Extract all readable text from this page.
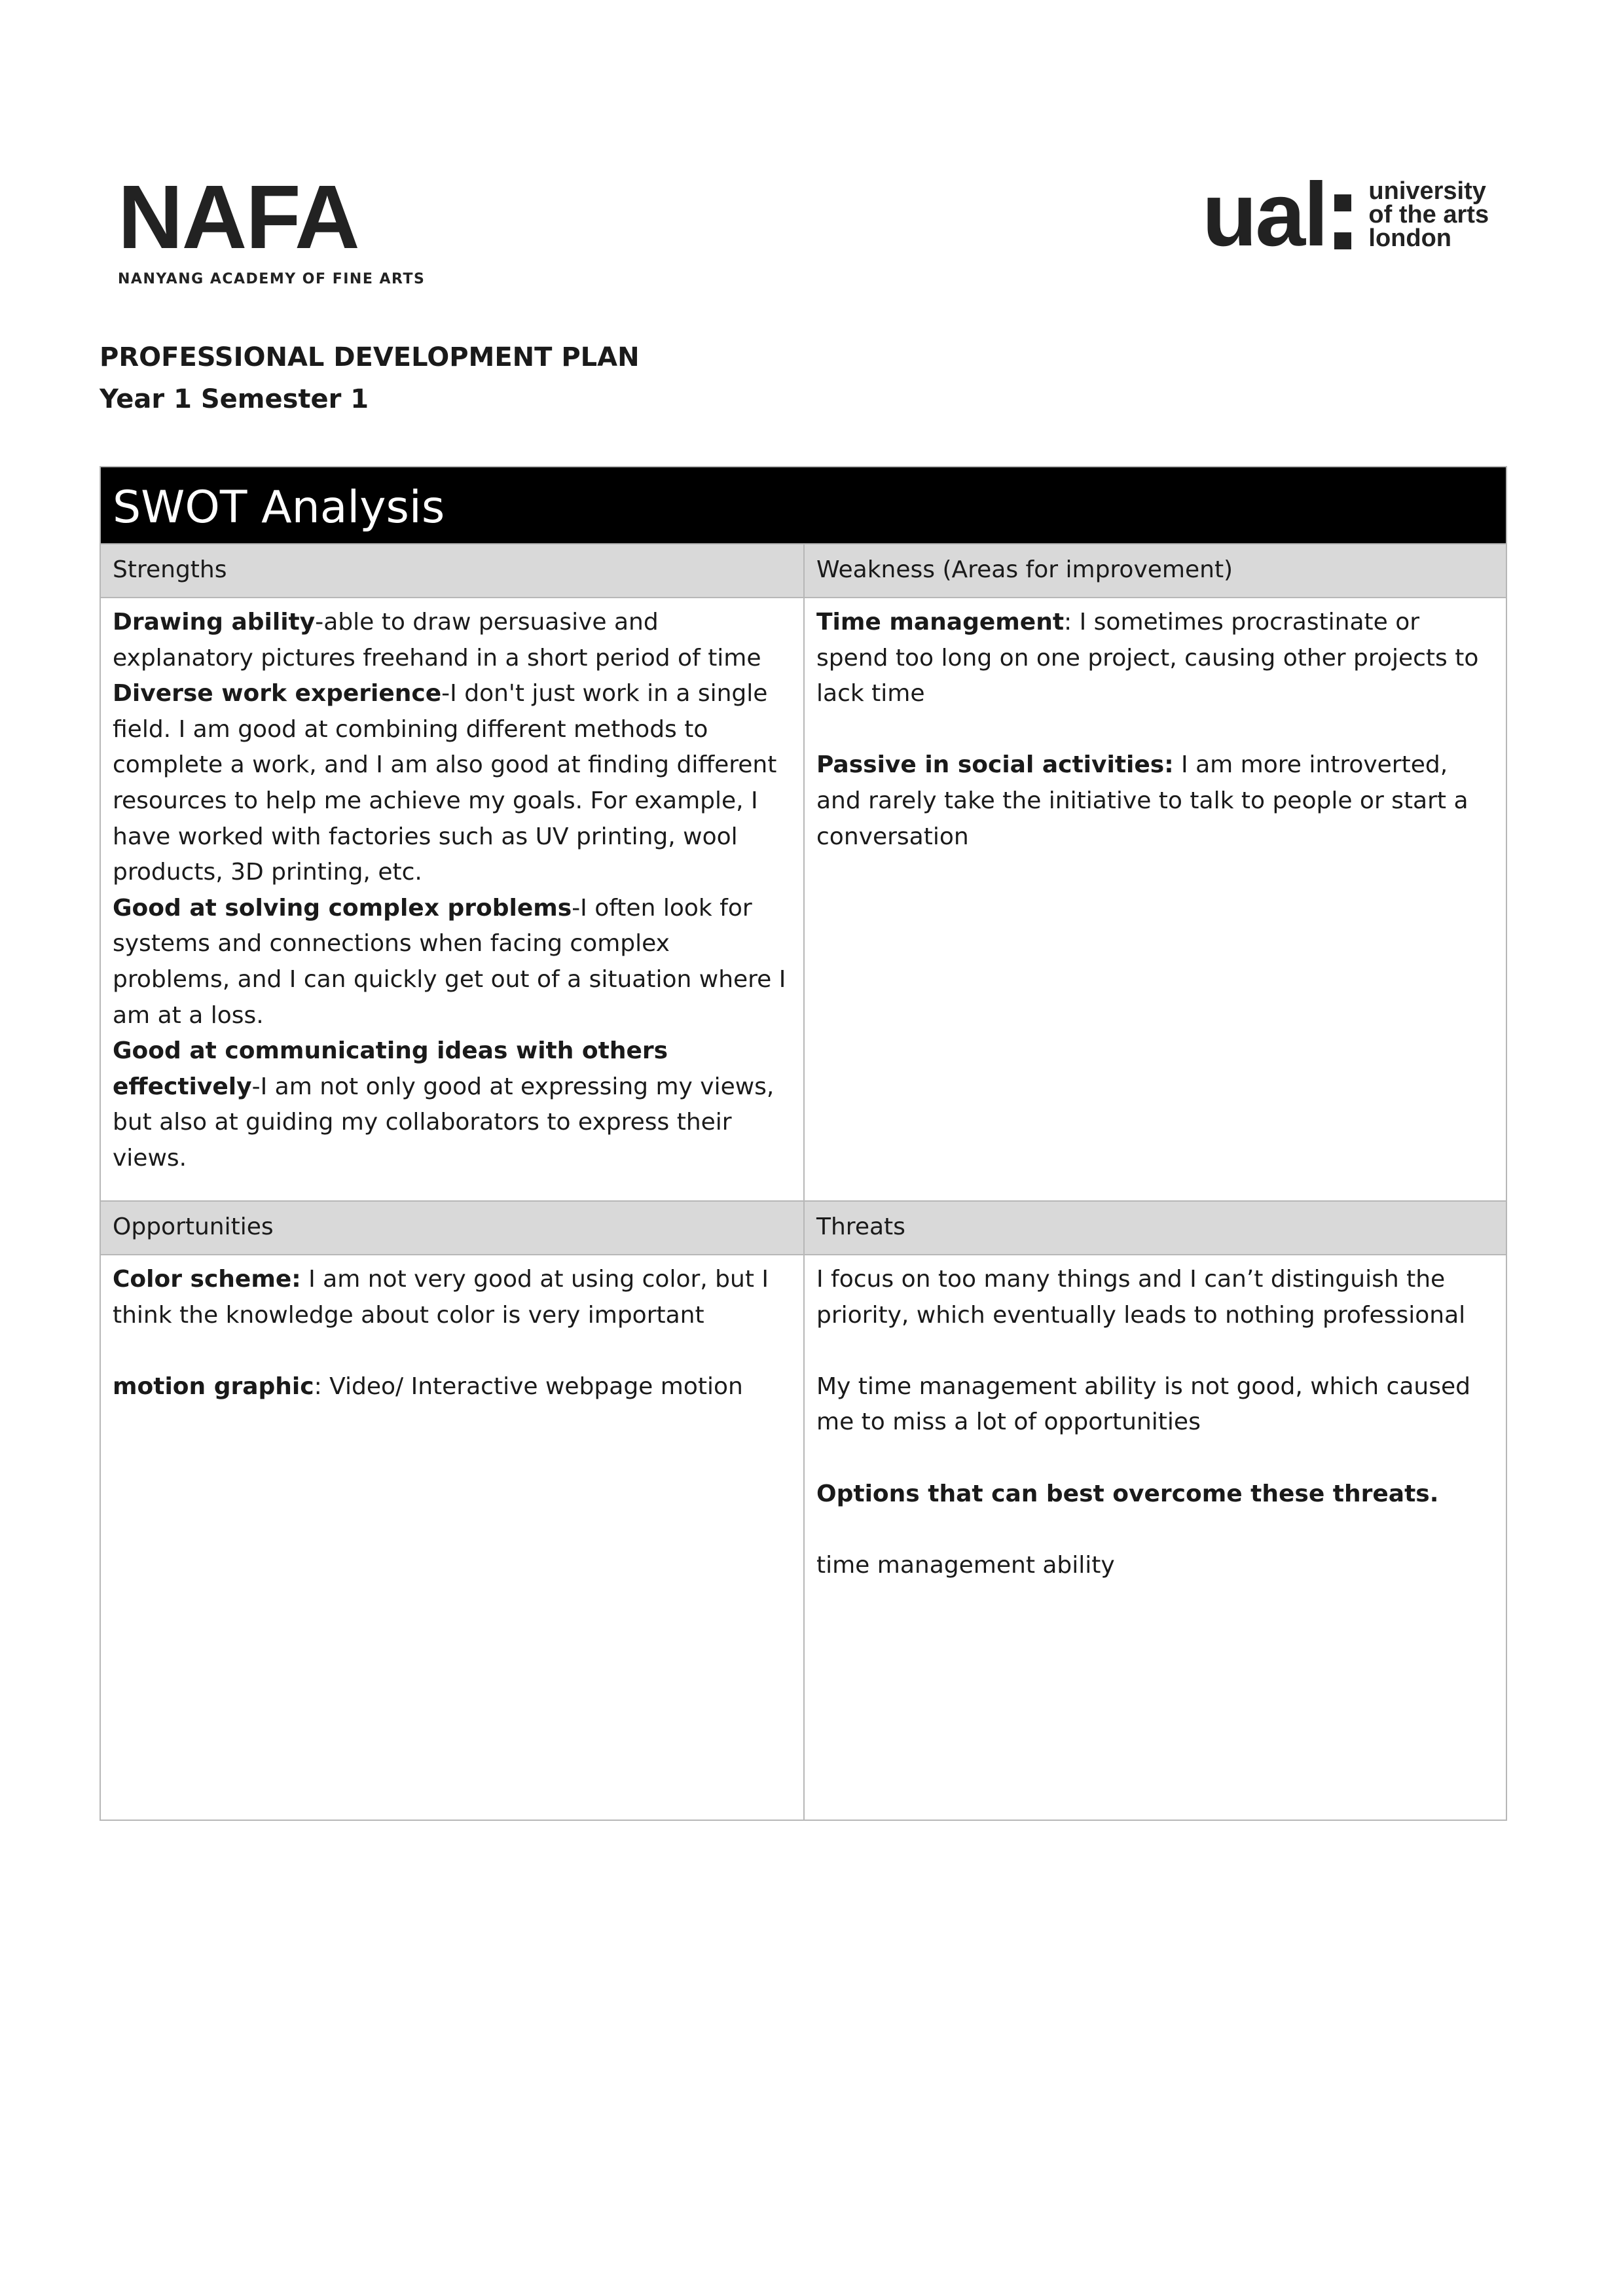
NAFA
NANYANG ACADEMY OF FINE ARTS
ual university
of the arts
london
PROFESSIONAL DEVELOPMENT PLAN
Year 1 Semester 1
SWOT Analysis
Strengths	Weakness (Areas for improvement)

Drawing ability-able to draw persuasive and explanatory pictures freehand in a short period of time

Diverse work experience-I don't just work in a single field. I am good at combining different methods to complete a work, and I am also good at finding different resources to help me achieve my goals. For example, I have worked with factories such as UV printing, wool products, 3D printing, etc.

Good at solving complex problems-I often look for systems and connections when facing complex problems, and I can quickly get out of a situation where I am at a loss.

Good at communicating ideas with others effectively-I am not only good at expressing my views, but also at guiding my collaborators to express their views.

Time management: I sometimes procrastinate or spend too long on one project, causing other projects to lack time

Passive in social activities: I am more introverted, and rarely take the initiative to talk to people or start a conversation

Opportunities	Threats

Color scheme: I am not very good at using color, but I think the knowledge about color is very important

motion graphic: Video/ Interactive webpage motion

I focus on too many things and I can’t distinguish the priority, which eventually leads to nothing professional

My time management ability is not good, which caused me to miss a lot of opportunities

Options that can best overcome these threats.

time management ability
